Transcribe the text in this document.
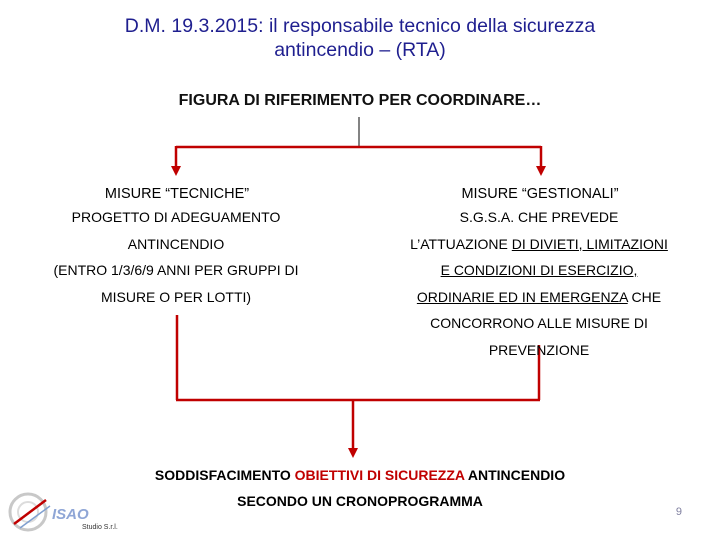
D.M. 19.3.2015: il responsabile tecnico della sicurezza
antincendio – (RTA)
FIGURA DI RIFERIMENTO PER COORDINARE…
MISURE “TECNICHE”
PROGETTO DI ADEGUAMENTO
ANTINCENDIO
(ENTRO 1/3/6/9 ANNI PER GRUPPI DI
MISURE O PER LOTTI)
MISURE “GESTIONALI”
S.G.S.A. CHE PREVEDE
L’ATTUAZIONE DI DIVIETI, LIMITAZIONI
E CONDIZIONI DI ESERCIZIO,
ORDINARIE ED IN EMERGENZA CHE
CONCORRONO ALLE MISURE DI
PREVENZIONE
SODDISFACIMENTO OBIETTIVI DI SICUREZZA ANTINCENDIO
SECONDO UN CRONOPROGRAMMA
ISAO
Studio S.r.l.
9
